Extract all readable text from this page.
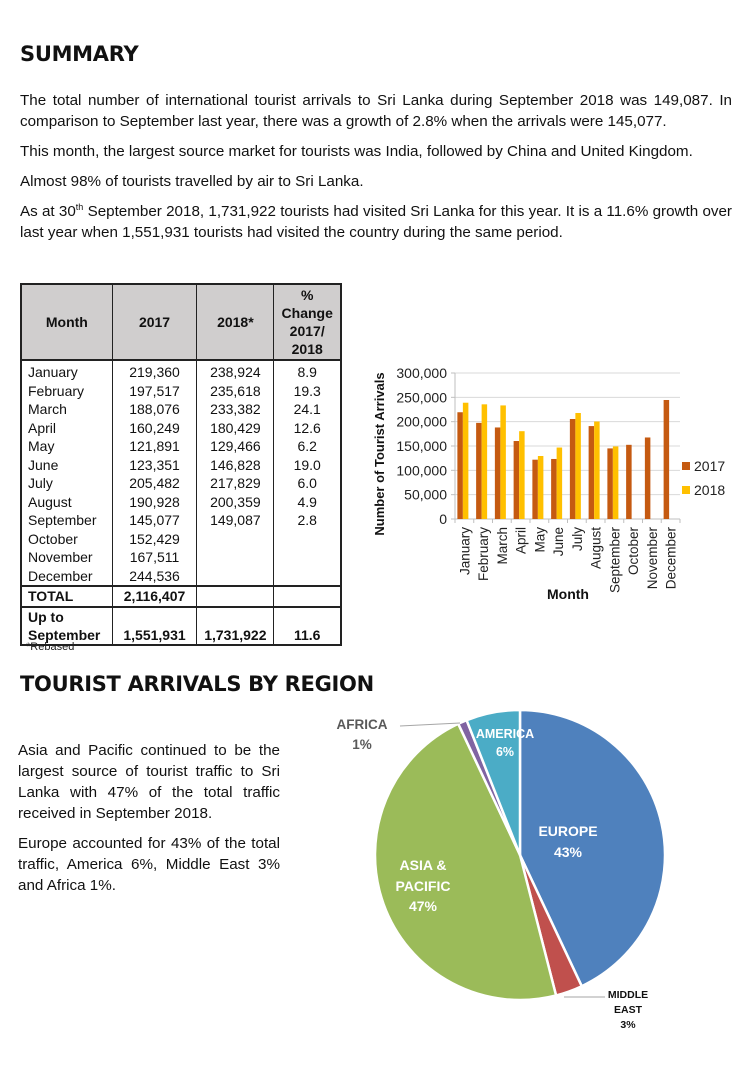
SUMMARY

The total number of international tourist arrivals to Sri Lanka during September 2018 was 149,087. In comparison to September last year, there was a growth of 2.8% when the arrivals were 145,077.

This month, the largest source market for tourists was India, followed by China and United Kingdom.

Almost 98% of tourists travelled by air to Sri Lanka.

As at 30th September 2018, 1,731,922 tourists had visited Sri Lanka for this year. It is a 11.6% growth over last year when 1,551,931 tourists had visited the country during the same period.

Month	2017	2018*	%
Change
2017/
2018

January	219,360	238,924	8.9
February	197,517	235,618	19.3
March	188,076	233,382	24.1
April	160,249	180,429	12.6
May	121,891	129,466	6.2
June	123,351	146,828	19.0
July	205,482	217,829	6.0
August	190,928	200,359	4.9
September	145,077	149,087	2.8
October	152,429		
November	167,511		
December	244,536		
TOTAL	2,116,407		

Up to
September	1,551,931	1,731,922	11.6
*Rebased
0
50,000
100,000
150,000
200,000
250,000
300,000
January February March April May June July August September October November December
Number of Tourist Arrivals
Month
2017
2018
TOURIST ARRIVALS BY REGION

Asia and Pacific continued to be the largest source of tourist traffic to Sri Lanka with 47% of the total traffic received in September 2018.

Europe accounted for 43% of the total traffic, America 6%, Middle East 3% and Africa 1%.

EUROPE
43%
ASIA &
PACIFIC
47%
AMERICA
6%
AFRICA
1%
MIDDLE
EAST
3%
